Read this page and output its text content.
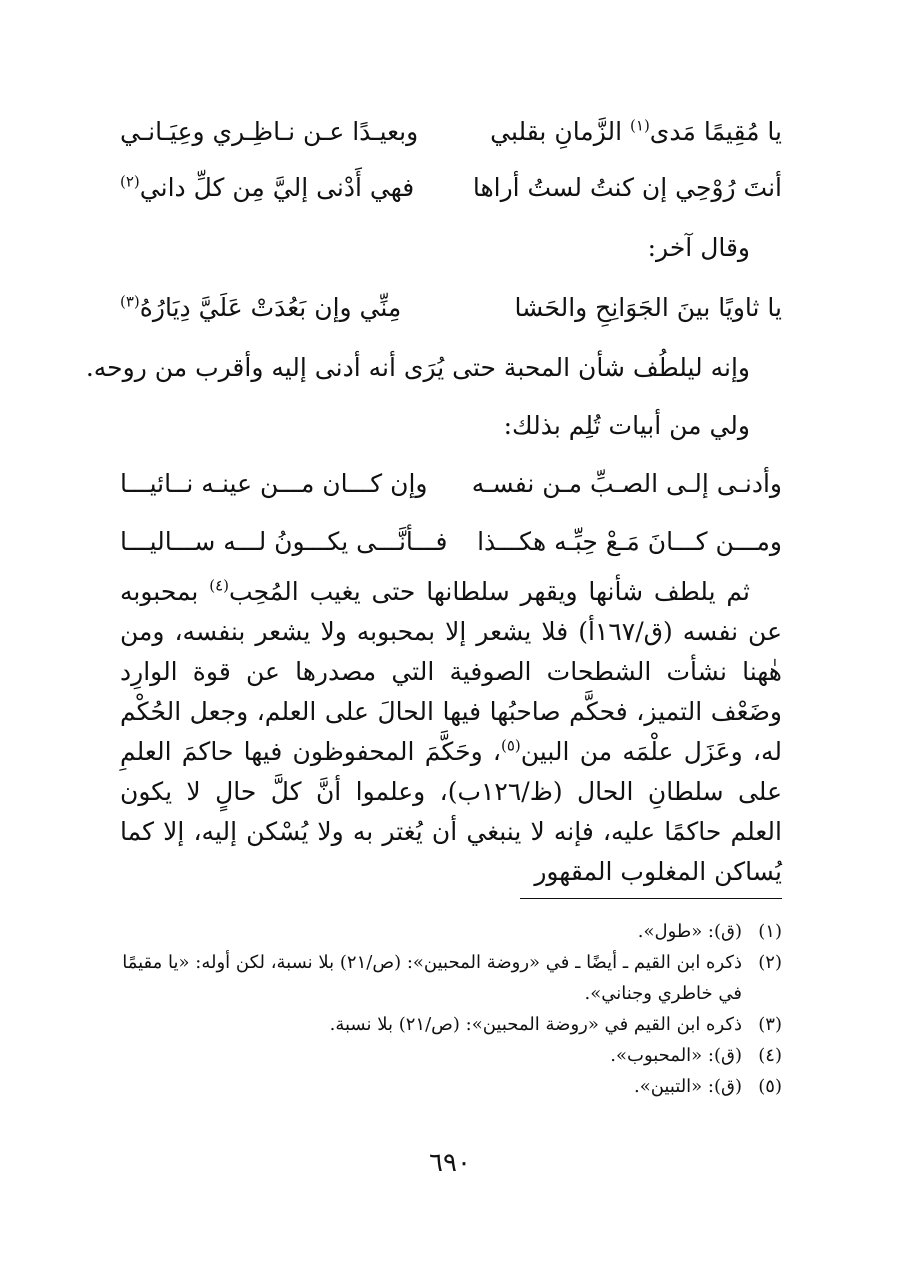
يا مُقِيمًا مَدى$^{(١)}$ الزَّمانِ بقلبي
وبعيـدًا عـن نـاظِـري وعِيَـانـي
أنتَ رُوْحِي إن كنتُ لستُ أراها
فهي أَدْنى إليَّ مِن كلِّ داني$^{(٢)}$
وقال آخر:
يا ثاويًا بينَ الجَوَانِحِ والحَشا
مِنِّي وإن بَعُدَتْ عَلَيَّ دِيَارُهُ$^{(٣)}$
وإنه ليلطُف شأن المحبة حتى يُرَى أنه أدنى إليه وأقرب من روحه.
ولي من أبيات تُلِم بذلك:
وأدنـى إلـى الصـبِّ مـن نفسـه
وإن كـــان مـــن عينـه نــائيـــا
ومـــن كـــانَ مَـعْ حِبِّـه هكـــذا
فـــأنَّـــى يكـــونُ لـــه ســـاليـــا

ثم يلطف شأنها ويقهر سلطانها حتى يغيب المُحِب$^{(٤)}$ بمحبوبه عن نفسه (ق/١٦٧أ) فلا يشعر إلا بمحبوبه ولا يشعر بنفسه، ومن هٰهنا نشأت الشطحات الصوفية التي مصدرها عن قوة الوارِد وضَعْف التميز، فحكَّم صاحبُها فيها الحالَ على العلم، وجعل الحُكْم له، وعَزَل علْمَه من البين$^{(٥)}$، وحَكَّمَ المحفوظون فيها حاكمَ العلمِ على سلطانِ الحال (ظ/١٢٦ب)، وعلموا أنَّ كلَّ حالٍ لا يكون العلم حاكمًا عليه، فإنه لا ينبغي أن يُغتر به ولا يُسْكن إليه، إلا كما يُساكن المغلوب المقهور

(١)
(ق): «طول».
(٢)
ذكره ابن القيم ـ أيضًا ـ في «روضة المحبين»: (ص/٢١) بلا نسبة، لكن أوله: «يا مقيمًا في خاطري وجناني».
(٣)
ذكره ابن القيم في «روضة المحبين»: (ص/٢١) بلا نسبة.
(٤)
(ق): «المحبوب».
(٥)
(ق): «التبين».
٦٩٠
